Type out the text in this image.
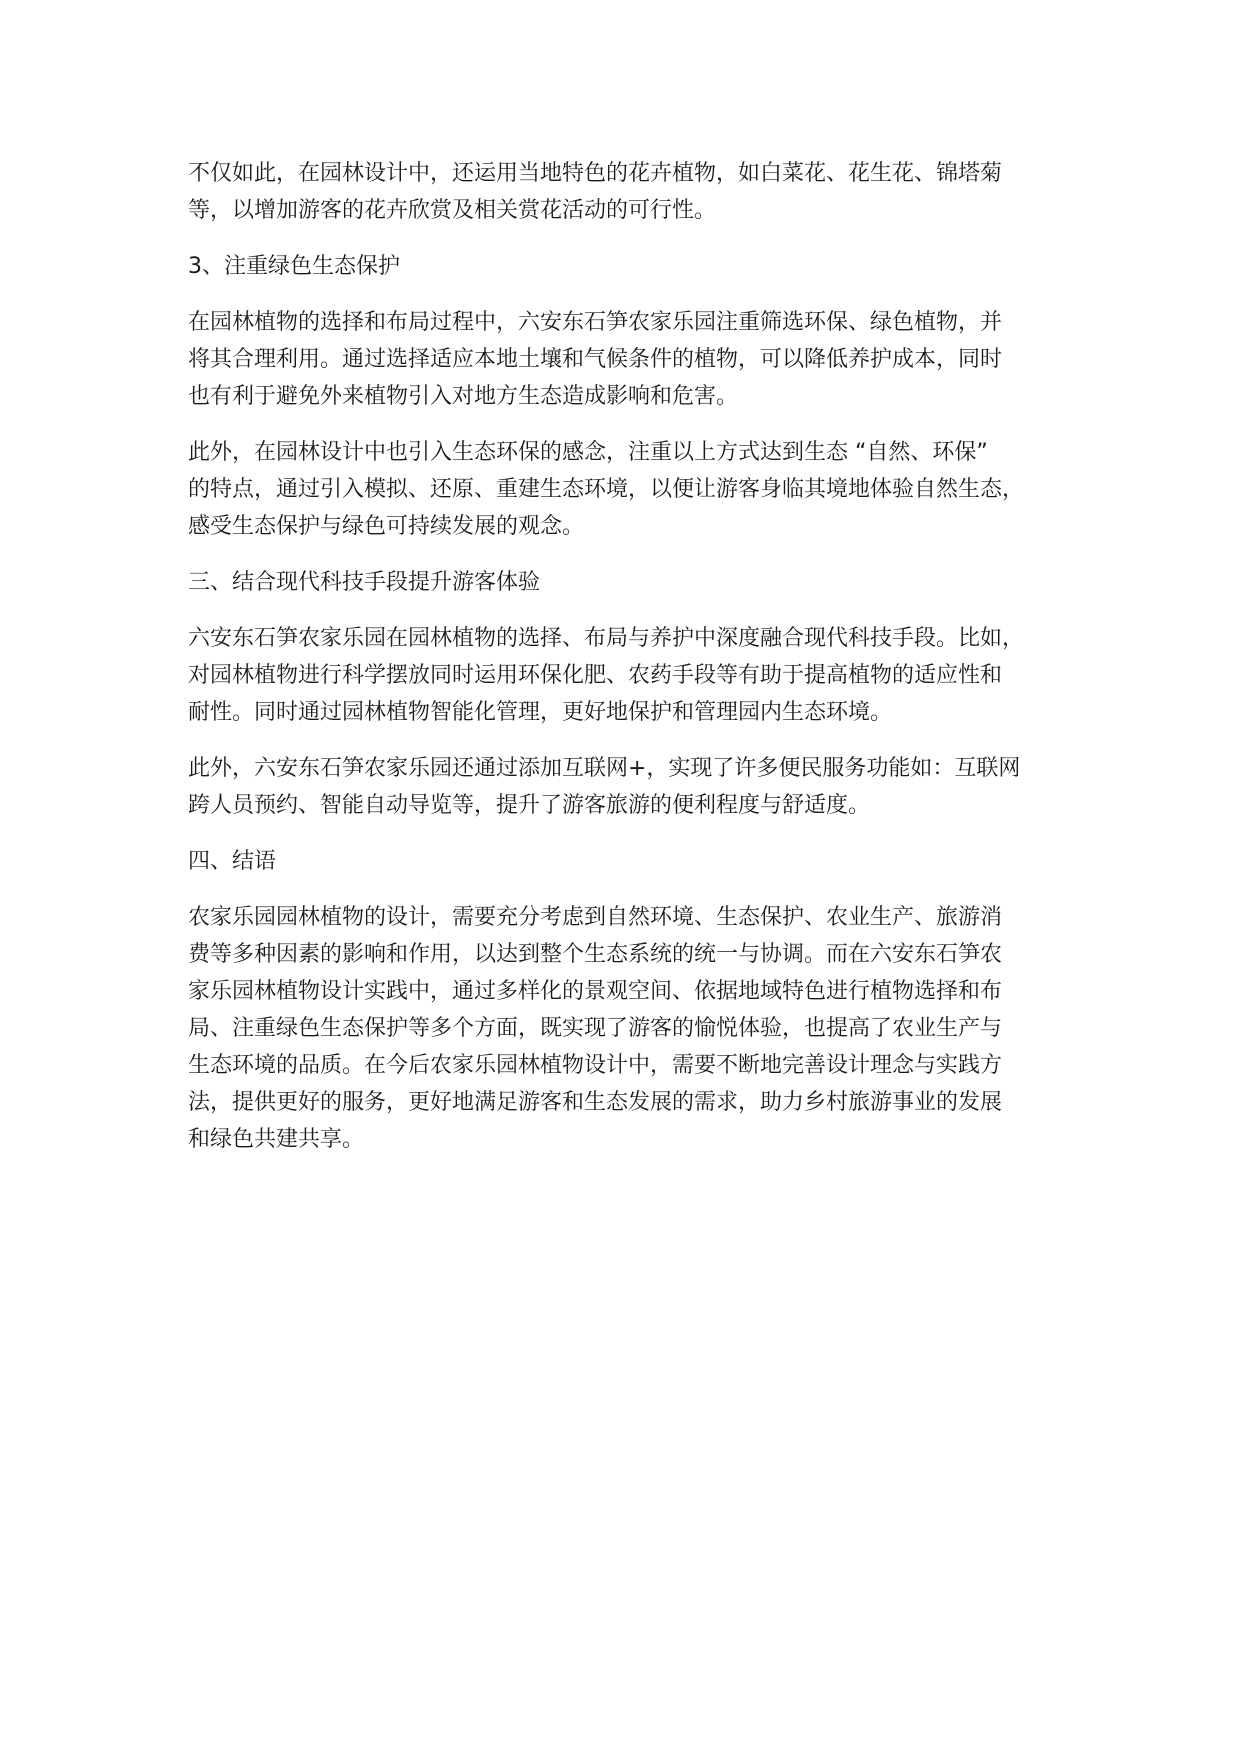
不仅如此，在园林设计中，还运用当地特色的花卉植物，如白菜花、花生花、锦塔菊
等，以增加游客的花卉欣赏及相关赏花活动的可行性。

3、注重绿色生态保护

在园林植物的选择和布局过程中，六安东石笋农家乐园注重筛选环保、绿色植物，并
将其合理利用。通过选择适应本地土壤和气候条件的植物，可以降低养护成本，同时
也有利于避免外来植物引入对地方生态造成影响和危害。

此外，在园林设计中也引入生态环保的感念，注重以上方式达到生态 “自然、环保”
的特点，通过引入模拟、还原、重建生态环境，以便让游客身临其境地体验自然生态，
感受生态保护与绿色可持续发展的观念。

三、结合现代科技手段提升游客体验

六安东石笋农家乐园在园林植物的选择、布局与养护中深度融合现代科技手段。比如，
对园林植物进行科学摆放同时运用环保化肥、农药手段等有助于提高植物的适应性和
耐性。同时通过园林植物智能化管理，更好地保护和管理园内生态环境。

此外，六安东石笋农家乐园还通过添加互联网+，实现了许多便民服务功能如：互联网
跨人员预约、智能自动导览等，提升了游客旅游的便利程度与舒适度。

四、结语

农家乐园园林植物的设计，需要充分考虑到自然环境、生态保护、农业生产、旅游消
费等多种因素的影响和作用，以达到整个生态系统的统一与协调。而在六安东石笋农
家乐园林植物设计实践中，通过多样化的景观空间、依据地域特色进行植物选择和布
局、注重绿色生态保护等多个方面，既实现了游客的愉悦体验，也提高了农业生产与
生态环境的品质。在今后农家乐园林植物设计中，需要不断地完善设计理念与实践方
法，提供更好的服务，更好地满足游客和生态发展的需求，助力乡村旅游事业的发展
和绿色共建共享。
